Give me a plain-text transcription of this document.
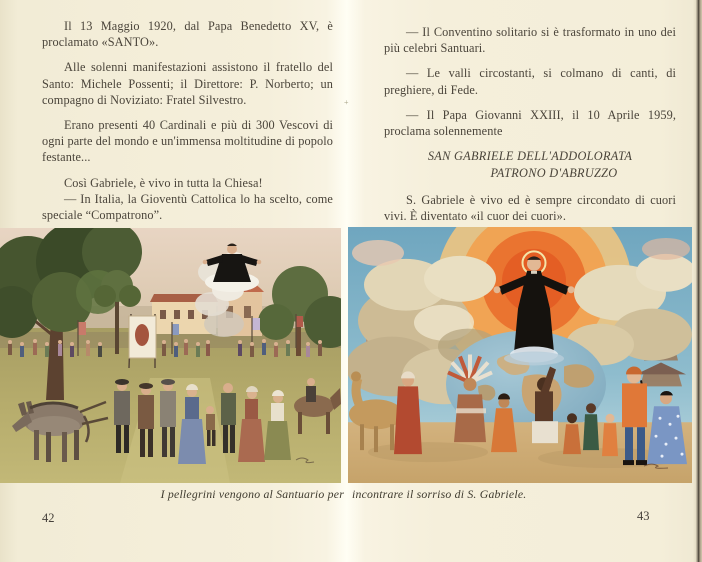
Il 13 Maggio 1920, dal Papa Benedetto XV, è proclamato «SANTO».

Alle solenni manifestazioni assistono il fratello del Santo: Michele Possenti; il Direttore: P. Norberto; un compagno di Noviziato: Fratel Silvestro.

Erano presenti 40 Cardinali e più di 300 Vescovi di ogni parte del mondo e un'immensa moltitudine di popolo festante...

Così Gabriele, è vivo in tutta la Chiesa!

— In Italia, la Gioventù Cattolica lo ha scelto, come speciale “Compatrono”.

— Il Conventino solitario si è trasformato in uno dei più celebri Santuari.

— Le valli circostanti, si colmano di canti, di preghiere, di Fede.

— Il Papa Giovanni XXIII, il 10 Aprile 1959, proclama solennemente

SAN GABRIELE DELL'ADDOLORATA
PATRONO D'ABRUZZO

S. Gabriele è vivo ed è sempre circondato di cuori vivi. È diventato «il cuor dei cuori».

I pellegrini vengono al Santuario per incontrare il sorriso di S. Gabriele.
42	43
+
